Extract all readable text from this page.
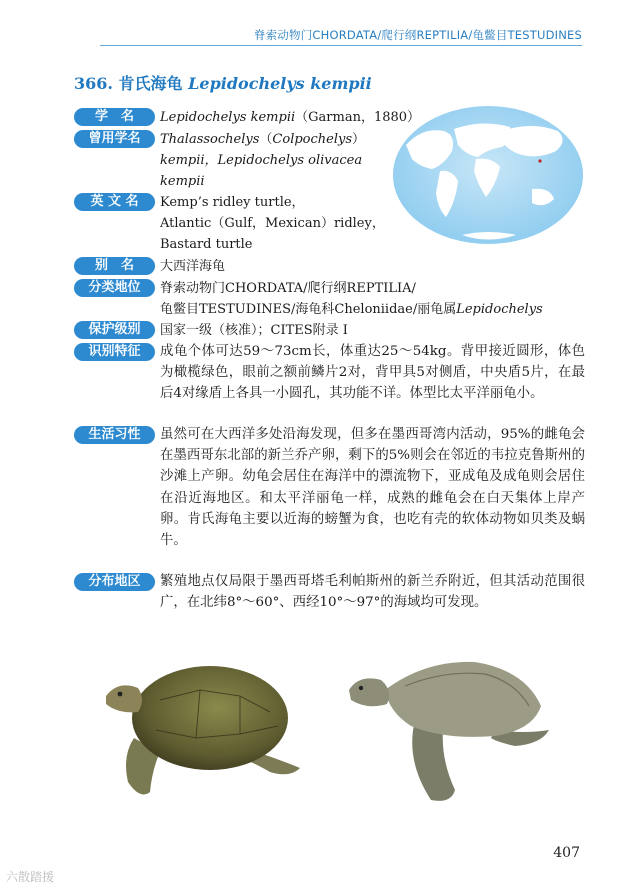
脊索动物门CHORDATA/爬行纲REPTILIA/龟鳖目TESTUDINES
366. 肯氏海龟 Lepidochelys kempii
学　名	Lepidochelys kempii（Garman，1880）
曾用学名	Thalassochelys（Colpochelys）
kempii，Lepidochelys olivacea
kempii
英 文 名	Kemp’s ridley turtle，
Atlantic（Gulf，Mexican）ridley，
Bastard turtle
别　名	大西洋海龟
分类地位	脊索动物门CHORDATA/爬行纲REPTILIA/
龟鳖目TESTUDINES/海龟科Cheloniidae/丽龟属Lepidochelys
保护级别	国家一级（核准）；CITES附录 I
识别特征	成龟个体可达59～73cm长，体重达25～54kg。背甲接近圆形，体色为橄榄绿色，眼前之额前鳞片2对，背甲具5对侧盾，中央盾5片，在最后4对缘盾上各具一小圆孔，其功能不详。体型比太平洋丽龟小。
生活习性	虽然可在大西洋多处沿海发现，但多在墨西哥湾内活动，95%的雌龟会在墨西哥东北部的新兰乔产卵，剩下的5%则会在邻近的韦拉克鲁斯州的沙滩上产卵。幼龟会居住在海洋中的漂流物下，亚成龟及成龟则会居住在沿近海地区。和太平洋丽龟一样，成熟的雌龟会在白天集体上岸产卵。肯氏海龟主要以近海的螃蟹为食，也吃有壳的软体动物如贝类及蜗牛。
分布地区	繁殖地点仅局限于墨西哥塔毛利帕斯州的新兰乔附近，但其活动范围很广，在北纬8°～60°、西经10°～97°的海域均可发现。
407
六散踏援
